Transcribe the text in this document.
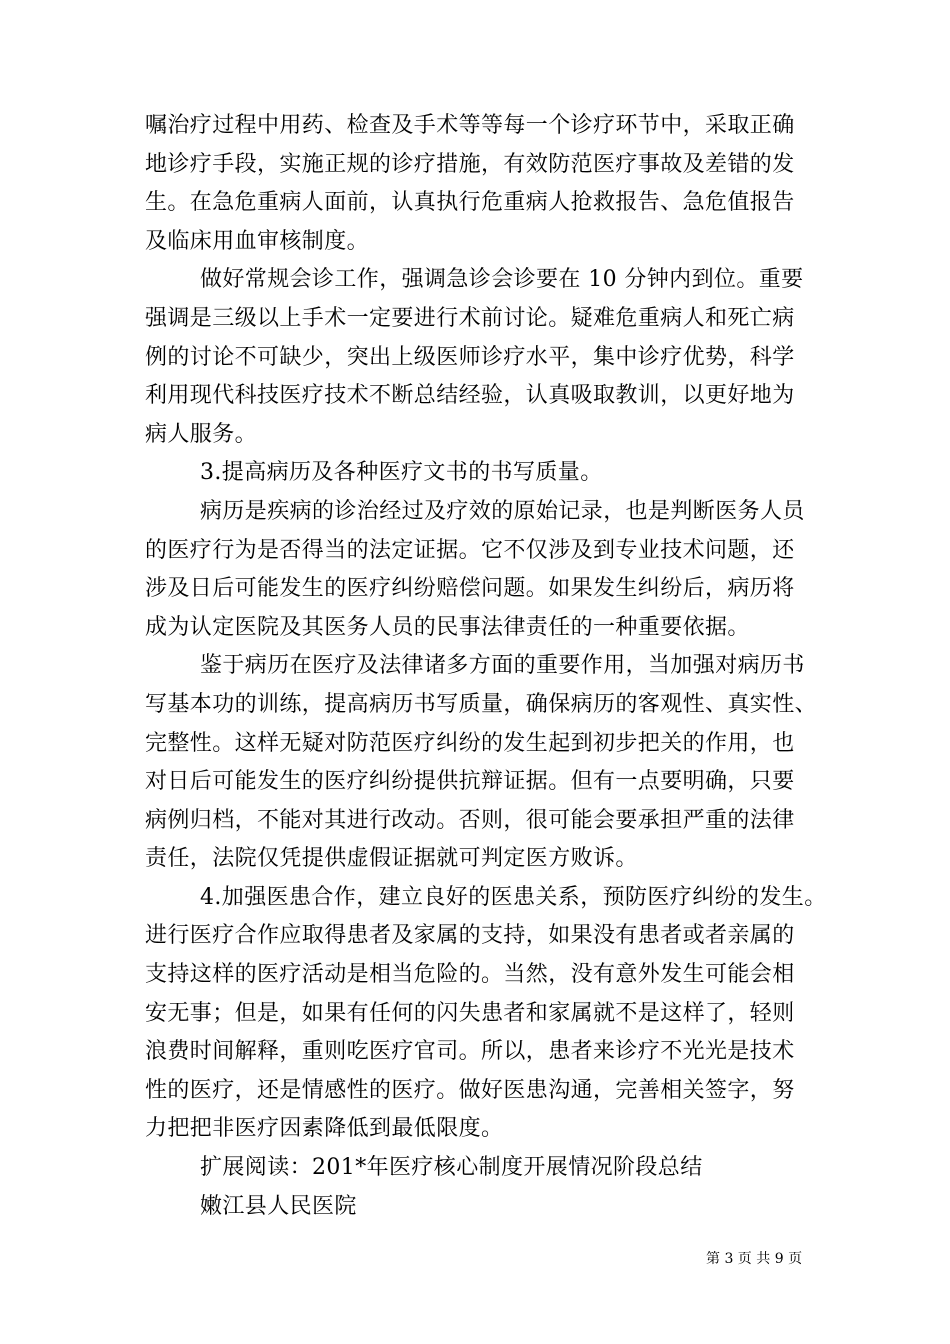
嘱治疗过程中用药、检查及手术等等每一个诊疗环节中，采取正确
地诊疗手段，实施正规的诊疗措施，有效防范医疗事故及差错的发
生。在急危重病人面前，认真执行危重病人抢救报告、急危值报告
及临床用血审核制度。
做好常规会诊工作，强调急诊会诊要在 10 分钟内到位。重要
强调是三级以上手术一定要进行术前讨论。疑难危重病人和死亡病
例的讨论不可缺少，突出上级医师诊疗水平，集中诊疗优势，科学
利用现代科技医疗技术不断总结经验，认真吸取教训，以更好地为
病人服务。
3.提高病历及各种医疗文书的书写质量。
病历是疾病的诊治经过及疗效的原始记录，也是判断医务人员
的医疗行为是否得当的法定证据。它不仅涉及到专业技术问题，还
涉及日后可能发生的医疗纠纷赔偿问题。如果发生纠纷后，病历将
成为认定医院及其医务人员的民事法律责任的一种重要依据。
鉴于病历在医疗及法律诸多方面的重要作用，当加强对病历书
写基本功的训练，提高病历书写质量，确保病历的客观性、真实性、
完整性。这样无疑对防范医疗纠纷的发生起到初步把关的作用，也
对日后可能发生的医疗纠纷提供抗辩证据。但有一点要明确，只要
病例归档，不能对其进行改动。否则，很可能会要承担严重的法律
责任，法院仅凭提供虚假证据就可判定医方败诉。
4.加强医患合作，建立良好的医患关系，预防医疗纠纷的发生。
进行医疗合作应取得患者及家属的支持，如果没有患者或者亲属的
支持这样的医疗活动是相当危险的。当然，没有意外发生可能会相
安无事；但是，如果有任何的闪失患者和家属就不是这样了，轻则
浪费时间解释，重则吃医疗官司。所以，患者来诊疗不光光是技术
性的医疗，还是情感性的医疗。做好医患沟通，完善相关签字，努
力把把非医疗因素降低到最低限度。
扩展阅读：201*年医疗核心制度开展情况阶段总结
嫩江县人民医院
第 3 页 共 9 页
